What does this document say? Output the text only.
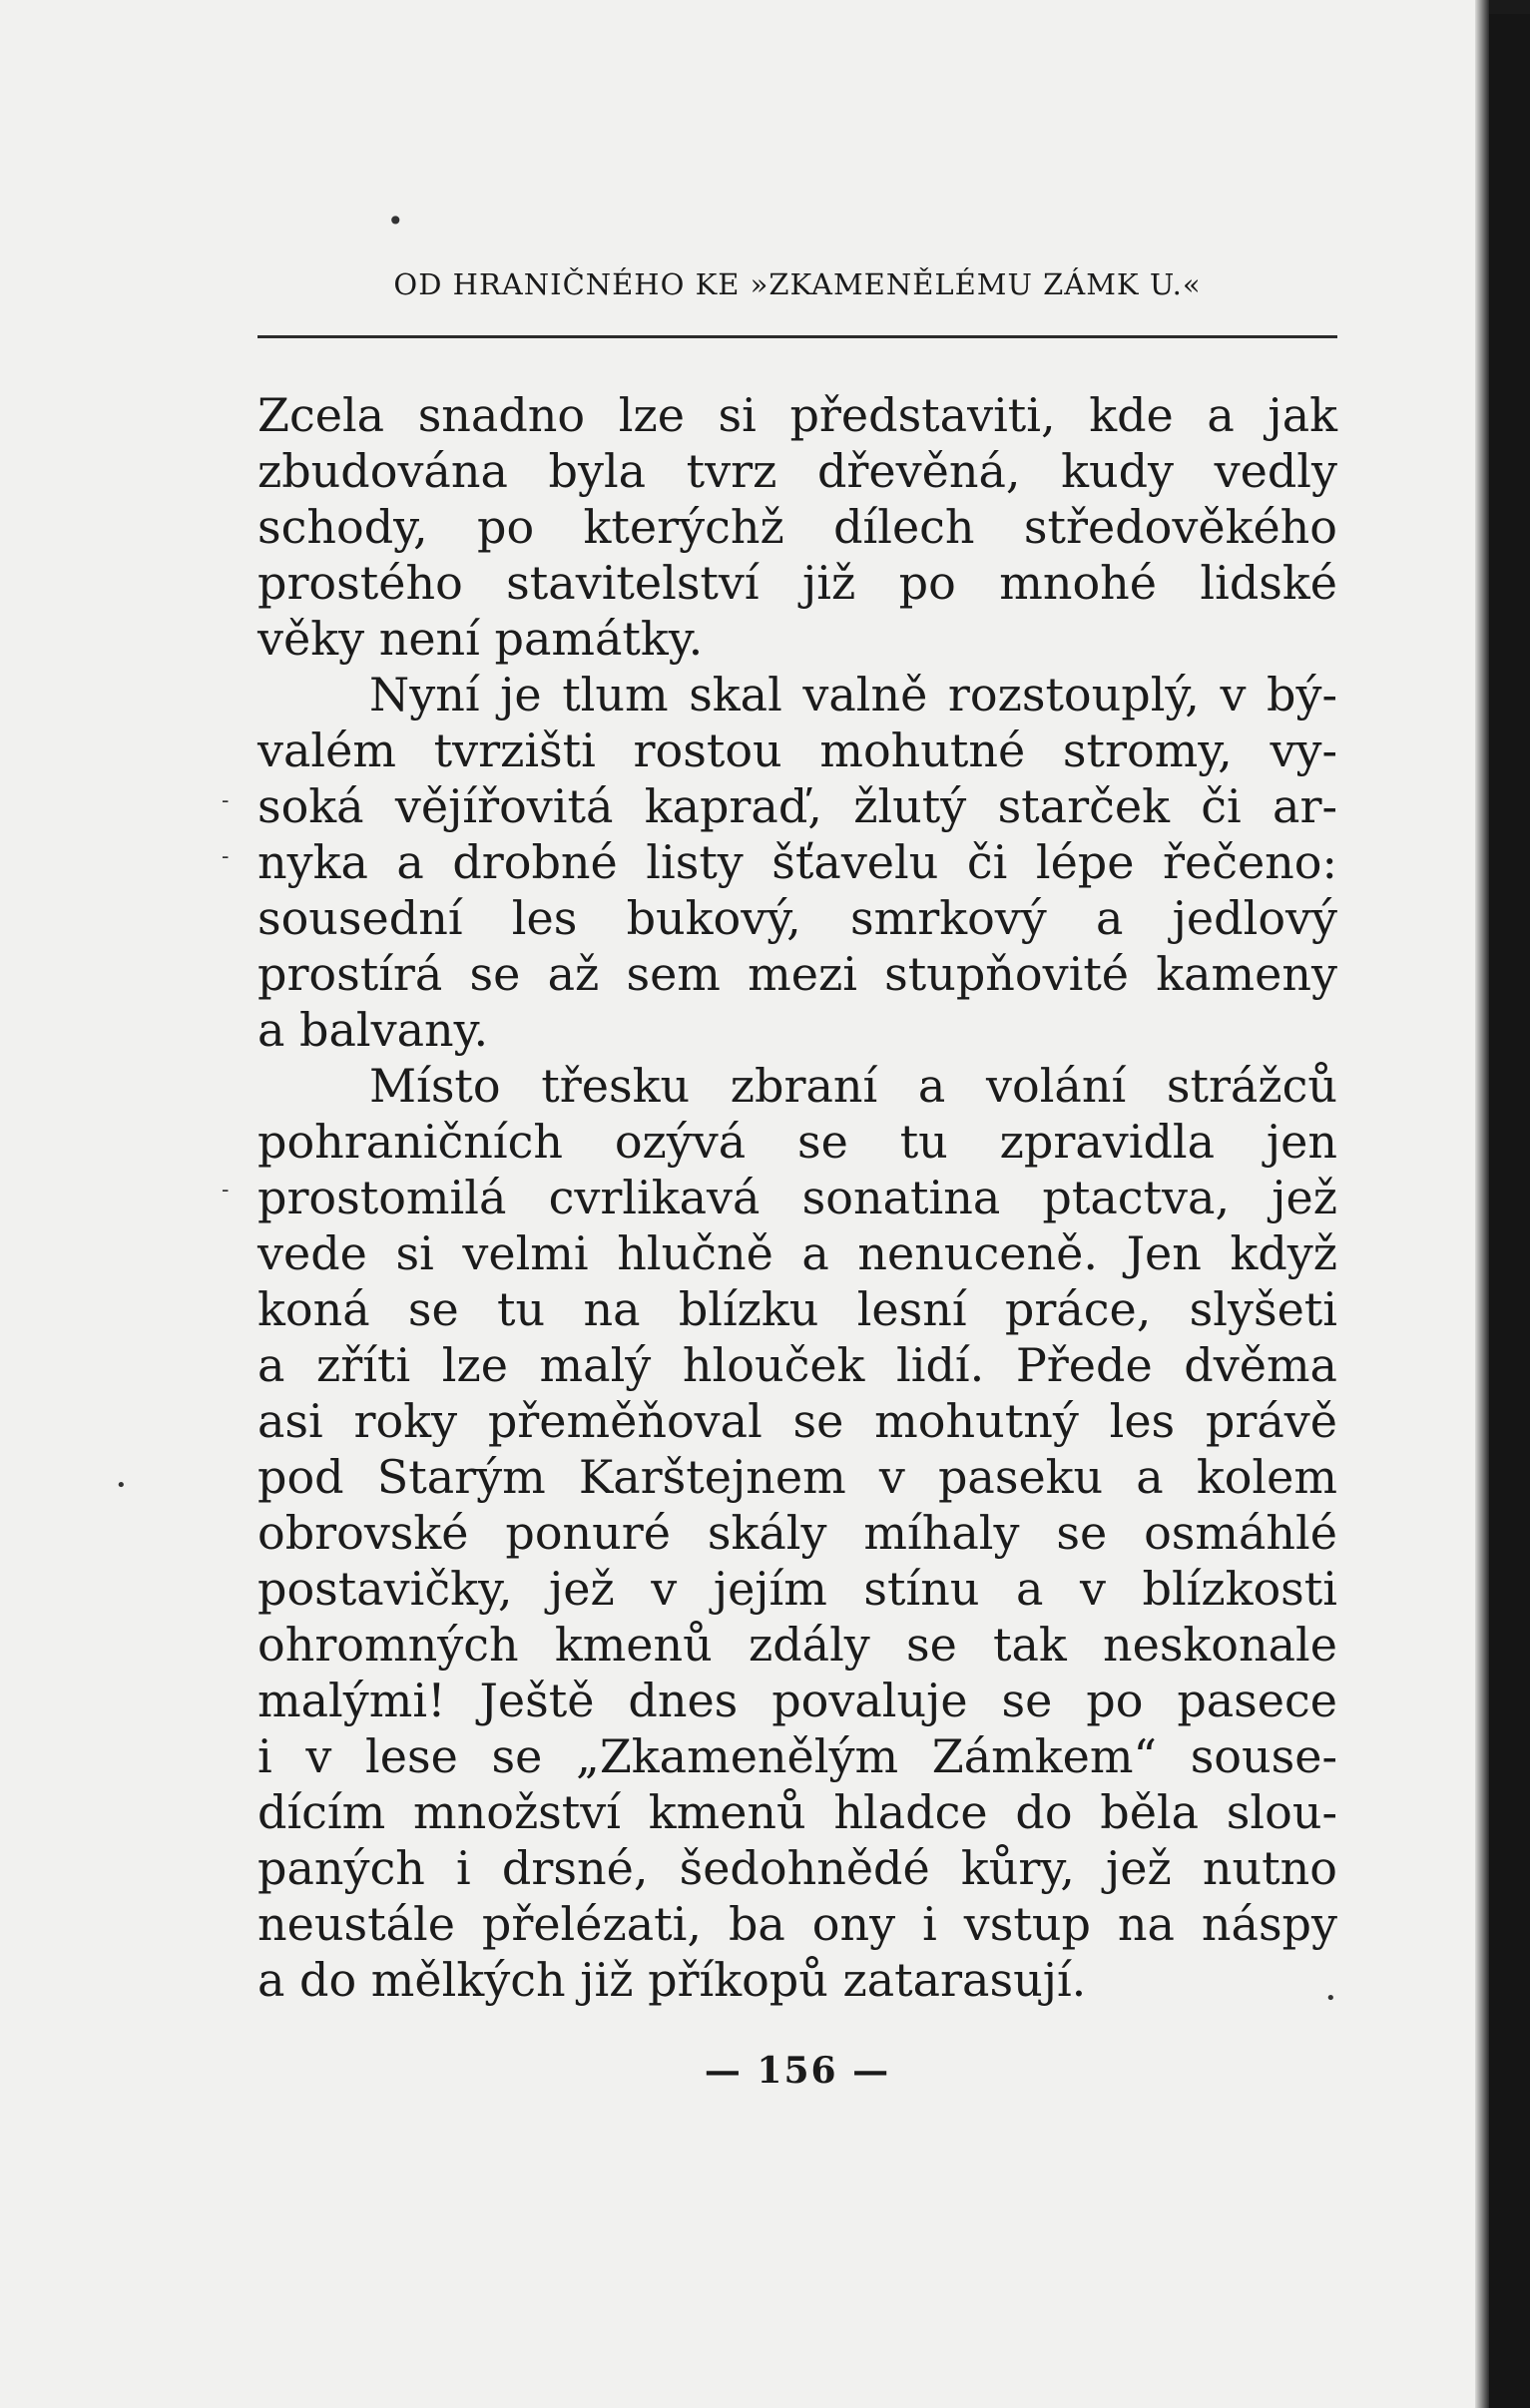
OD HRANIČNÉHO KE »ZKAMENĚLÉMU ZÁMK U.«
Zcela snadno lze si představiti, kde a jak
zbudována byla tvrz dřevěná, kudy vedly
schody, po kterýchž dílech středověkého
prostého stavitelství již po mnohé lidské
věky není památky.
Nyní je tlum skal valně rozstouplý, v bý-
valém tvrzišti rostou mohutné stromy, vy-
soká vějířovitá kapraď, žlutý starček či ar-
nyka a drobné listy šťavelu či lépe řečeno:
sousední les bukový, smrkový a jedlový
prostírá se až sem mezi stupňovité kameny
a balvany.
Místo třesku zbraní a volání strážců
pohraničních ozývá se tu zpravidla jen
prostomilá cvrlikavá sonatina ptactva, jež
vede si velmi hlučně a nenuceně. Jen když
koná se tu na blízku lesní práce, slyšeti
a zříti lze malý hlouček lidí. Přede dvěma
asi roky přeměňoval se mohutný les právě
pod Starým Karštejnem v paseku a kolem
obrovské ponuré skály míhaly se osmáhlé
postavičky, jež v jejím stínu a v blízkosti
ohromných kmenů zdály se tak neskonale
malými! Ještě dnes povaluje se po pasece
i v lese se „Zkamenělým Zámkem“ souse-
dícím množství kmenů hladce do běla slou-
paných i drsné, šedohnědé kůry, jež nutno
neustále přelézati, ba ony i vstup na náspy
a do mělkých již příkopů zatarasují.
— 156 —
•
-
-
-
•
•
